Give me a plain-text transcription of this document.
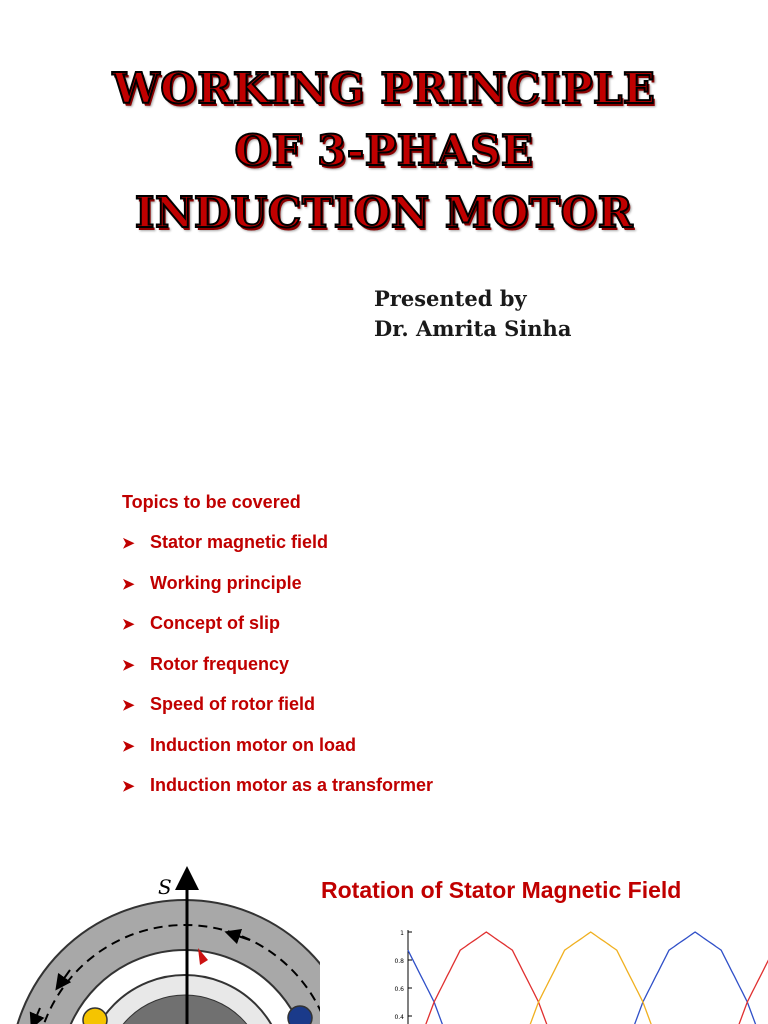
WORKING PRINCIPLE
OF 3-PHASE
INDUCTION MOTOR
Presented by
Dr. Amrita Sinha
Topics to be covered
➤ Stator magnetic field
➤ Working principle
➤ Concept of slip
➤ Rotor frequency
➤ Speed of rotor field
➤ Induction motor on load
➤ Induction motor as a transformer
Rotation of Stator Magnetic Field
S
1
0.8
0.6
0.4
